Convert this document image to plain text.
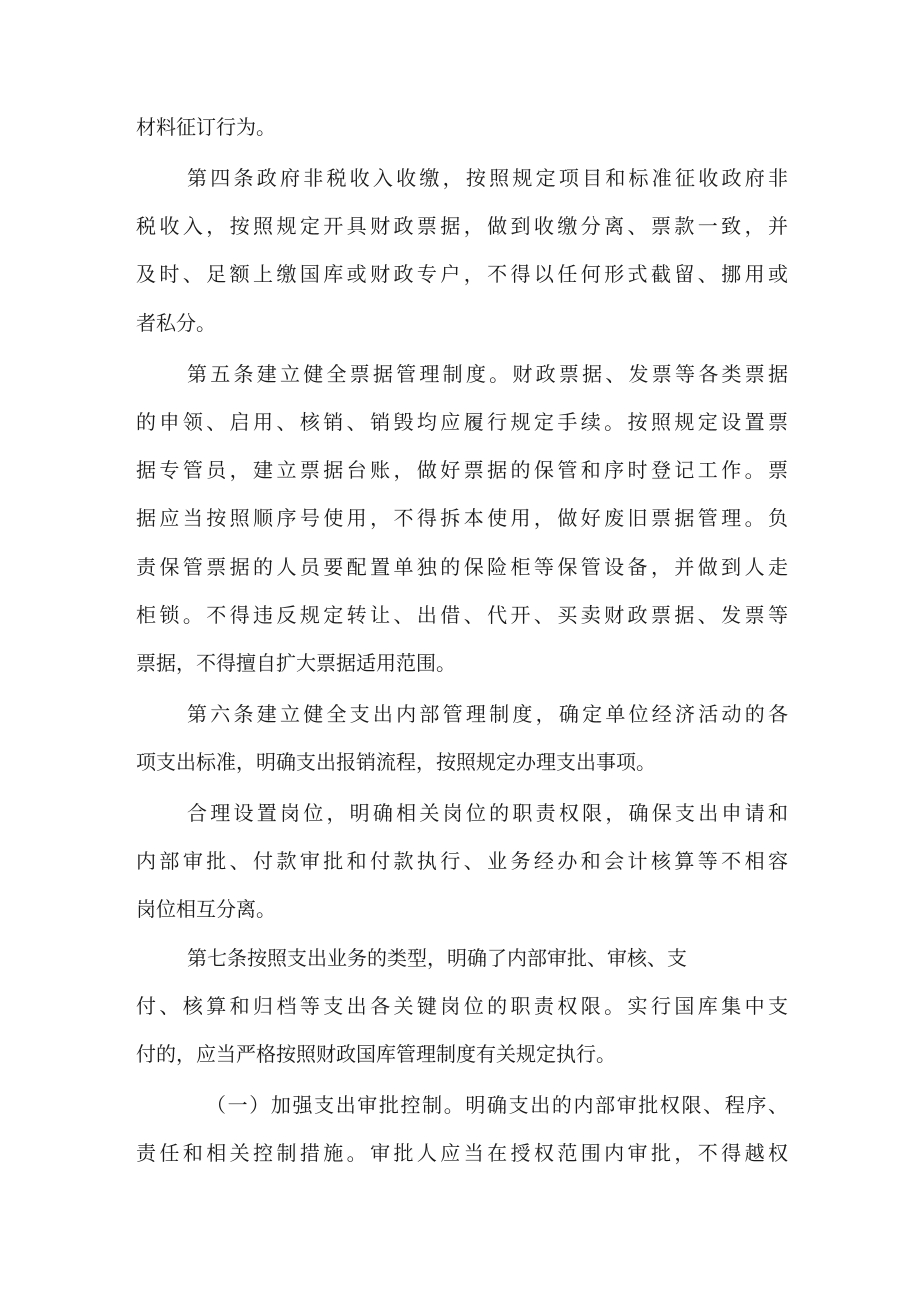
材料征订行为。
第四条政府非税收入收缴，按照规定项目和标准征收政府非
税收入，按照规定开具财政票据，做到收缴分离、票款一致，并
及时、足额上缴国库或财政专户，不得以任何形式截留、挪用或
者私分。
第五条建立健全票据管理制度。财政票据、发票等各类票据
的申领、启用、核销、销毁均应履行规定手续。按照规定设置票
据专管员，建立票据台账，做好票据的保管和序时登记工作。票
据应当按照顺序号使用，不得拆本使用，做好废旧票据管理。负
责保管票据的人员要配置单独的保险柜等保管设备，并做到人走
柜锁。不得违反规定转让、出借、代开、买卖财政票据、发票等
票据，不得擅自扩大票据适用范围。
第六条建立健全支出内部管理制度，确定单位经济活动的各
项支出标准，明确支出报销流程，按照规定办理支出事项。
合理设置岗位，明确相关岗位的职责权限，确保支出申请和
内部审批、付款审批和付款执行、业务经办和会计核算等不相容
岗位相互分离。
第七条按照支出业务的类型，明确了内部审批、审核、支
付、核算和归档等支出各关键岗位的职责权限。实行国库集中支
付的，应当严格按照财政国库管理制度有关规定执行。
（一）加强支出审批控制。明确支出的内部审批权限、程序、
责任和相关控制措施。审批人应当在授权范围内审批，不得越权
